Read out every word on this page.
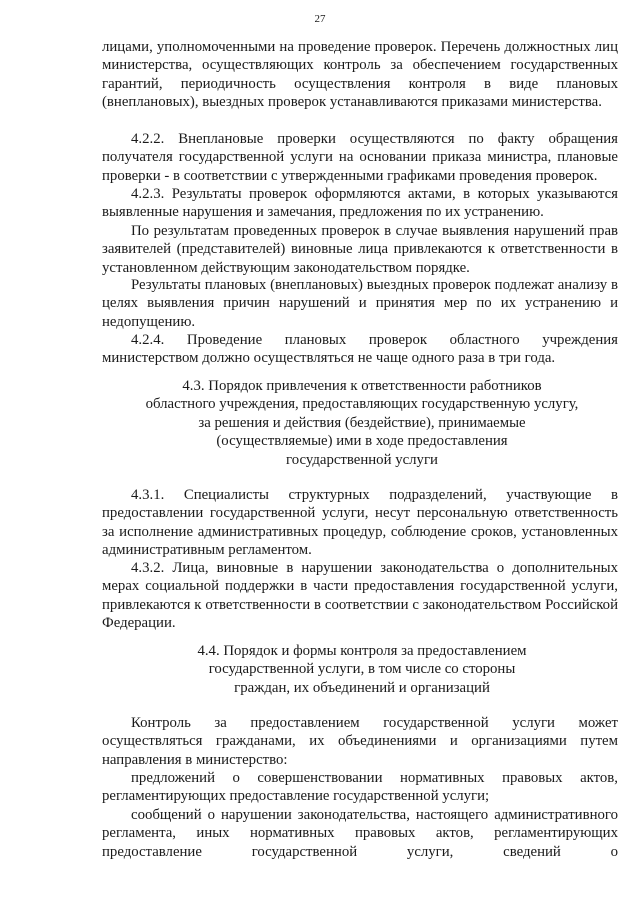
27
лицами, уполномоченными на проведение проверок. Перечень должностных лиц министерства, осуществляющих контроль за обеспечением государственных гарантий, периодичность осуществления контроля в виде плановых (внеплановых), выездных проверок устанавливаются приказами министерства.
4.2.2. Внеплановые проверки осуществляются по факту обращения получателя государственной услуги на основании приказа министра, плановые проверки - в соответствии с утвержденными графиками проведения проверок.
4.2.3. Результаты проверок оформляются актами, в которых указываются выявленные нарушения и замечания, предложения по их устранению.
По результатам проведенных проверок в случае выявления нарушений прав заявителей (представителей) виновные лица привлекаются к ответственности в установленном действующим законодательством порядке.
Результаты плановых (внеплановых) выездных проверок подлежат анализу в целях выявления причин нарушений и принятия мер по их устранению и недопущению.
4.2.4. Проведение плановых проверок областного учреждения министерством должно осуществляться не чаще одного раза в три года.
4.3. Порядок привлечения к ответственности работников
областного учреждения, предоставляющих государственную услугу,
за решения и действия (бездействие), принимаемые
(осуществляемые) ими в ходе предоставления
государственной услуги
4.3.1. Специалисты структурных подразделений, участвующие в предоставлении государственной услуги, несут персональную ответственность за исполнение административных процедур, соблюдение сроков, установленных административным регламентом.
4.3.2. Лица, виновные в нарушении законодательства о дополнительных мерах социальной поддержки в части предоставления государственной услуги, привлекаются к ответственности в соответствии с законодательством Российской Федерации.
4.4. Порядок и формы контроля за предоставлением
государственной услуги, в том числе со стороны
граждан, их объединений и организаций
Контроль за предоставлением государственной услуги может осуществляться гражданами, их объединениями и организациями путем направления в министерство:
предложений о совершенствовании нормативных правовых актов, регламентирующих предоставление государственной услуги;
сообщений о нарушении законодательства, настоящего административного регламента, иных нормативных правовых актов, регламентирующих предоставление государственной услуги, сведений о
